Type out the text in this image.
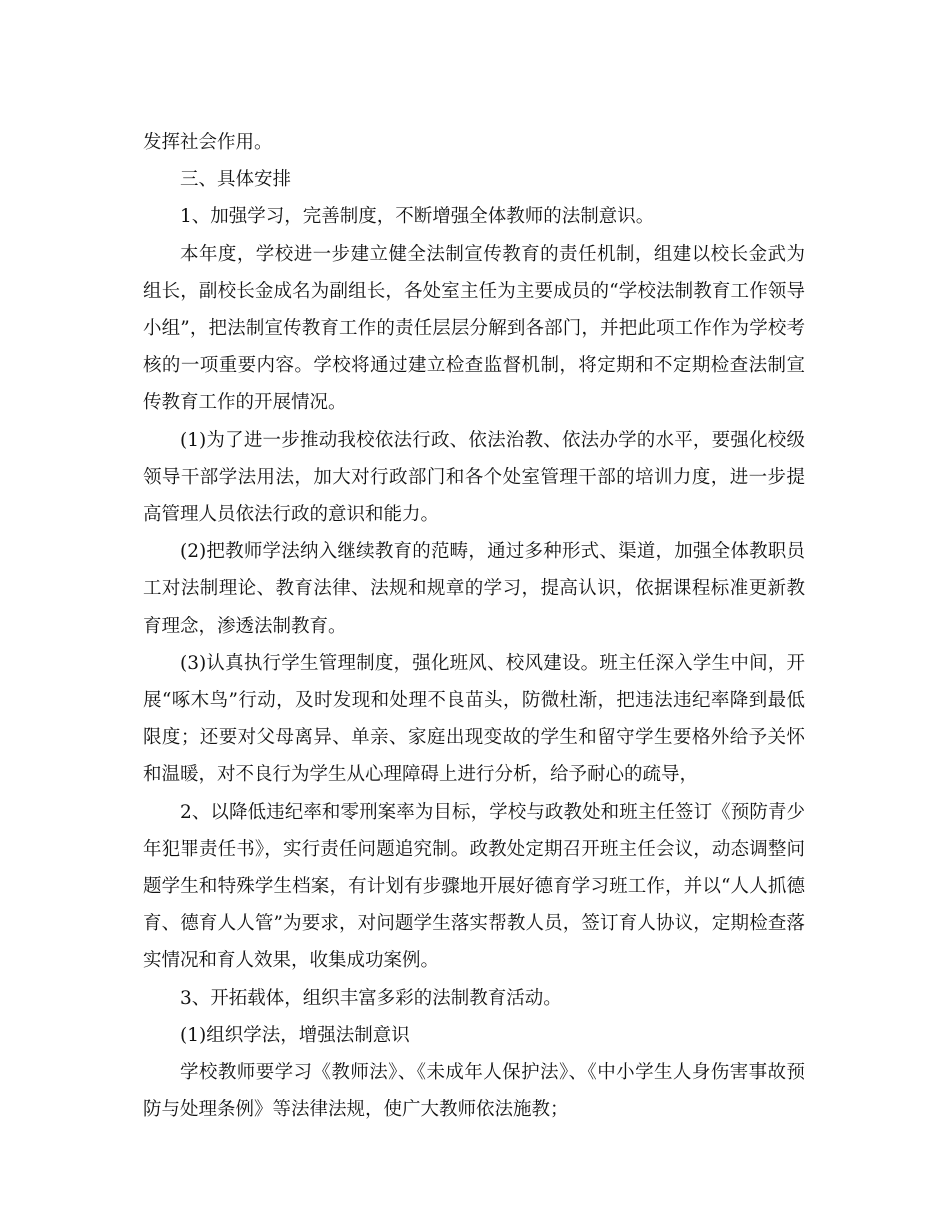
发挥社会作用。

三、具体安排

1、加强学习，完善制度，不断增强全体教师的法制意识。

本年度，学校进一步建立健全法制宣传教育的责任机制，组建以校长金武为组长，副校长金成名为副组长，各处室主任为主要成员的“学校法制教育工作领导小组”，把法制宣传教育工作的责任层层分解到各部门，并把此项工作作为学校考核的一项重要内容。学校将通过建立检查监督机制，将定期和不定期检查法制宣传教育工作的开展情况。

(1)为了进一步推动我校依法行政、依法治教、依法办学的水平，要强化校级领导干部学法用法，加大对行政部门和各个处室管理干部的培训力度，进一步提高管理人员依法行政的意识和能力。

(2)把教师学法纳入继续教育的范畴，通过多种形式、渠道，加强全体教职员工对法制理论、教育法律、法规和规章的学习，提高认识，依据课程标准更新教育理念，渗透法制教育。

(3)认真执行学生管理制度，强化班风、校风建设。班主任深入学生中间，开展“啄木鸟”行动，及时发现和处理不良苗头，防微杜渐，把违法违纪率降到最低限度；还要对父母离异、单亲、家庭出现变故的学生和留守学生要格外给予关怀和温暖，对不良行为学生从心理障碍上进行分析，给予耐心的疏导，

2、以降低违纪率和零刑案率为目标，学校与政教处和班主任签订《预防青少年犯罪责任书》，实行责任问题追究制。政教处定期召开班主任会议，动态调整问题学生和特殊学生档案，有计划有步骤地开展好德育学习班工作，并以“人人抓德育、德育人人管”为要求，对问题学生落实帮教人员，签订育人协议，定期检查落实情况和育人效果，收集成功案例。

3、开拓载体，组织丰富多彩的法制教育活动。

(1)组织学法，增强法制意识

学校教师要学习《教师法》、《未成年人保护法》、《中小学生人身伤害事故预防与处理条例》等法律法规，使广大教师依法施教；
